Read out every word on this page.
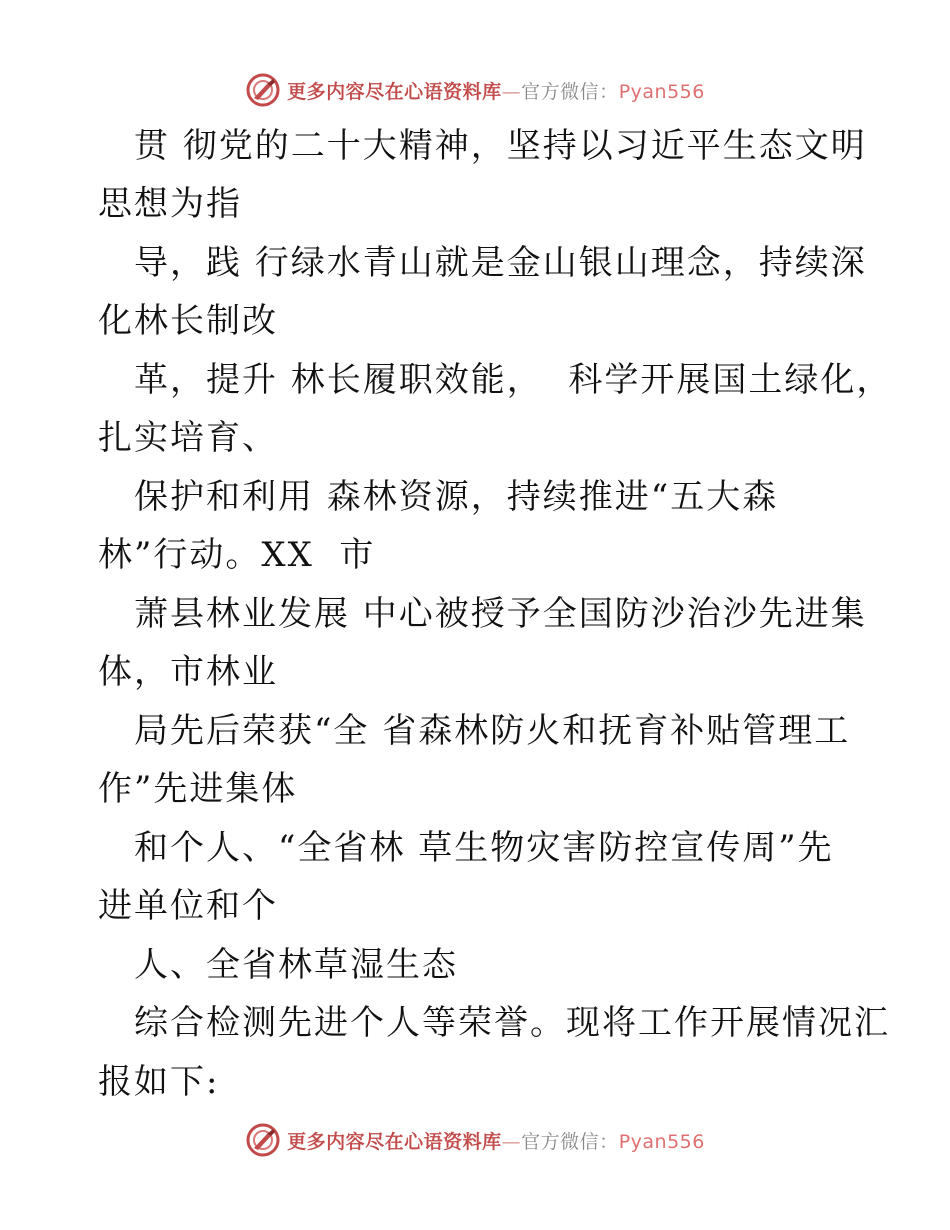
更多内容尽在心语资料库—官方微信：Pyan556
贯 彻党的二十大精神，坚持以习近平生态文明
思想为指
导，践 行绿水青山就是金山银山理念，持续深
化林长制改
革，提升 林长履职效能，  科学开展国土绿化，
扎实培育、
保护和利用 森林资源，持续推进“五大森
林”行动。XX  市
萧县林业发展 中心被授予全国防沙治沙先进集
体，市林业
局先后荣获“全 省森林防火和抚育补贴管理工
作”先进集体
和个人、“全省林 草生物灾害防控宣传周”先
进单位和个
人、全省林草湿生态
综合检测先进个人等荣誉。现将工作开展情况汇
报如下:
更多内容尽在心语资料库—官方微信：Pyan556
